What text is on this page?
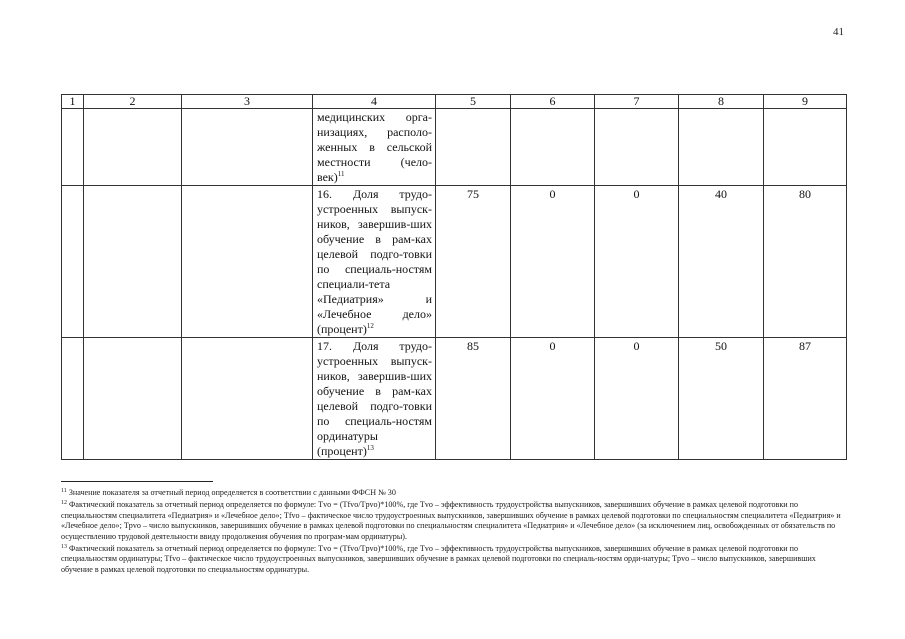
41
1	2	3	4	5	6	7	8	9
			медицинских орга-низациях, располо-женных в сельской местности (чело-век)$^{11}$					
			16. Доля трудо-устроенных выпуск-ников, завершив-ших обучение в рам-ках целевой подго-товки по специаль-ностям специали-тета «Педиатрия» и «Лечебное дело» (процент)$^{12}$	75	0	0	40	80
			17. Доля трудо-устроенных выпуск-ников, завершив-ших обучение в рам-ках целевой подго-товки по специаль-ностям ординатуры (процент)$^{13}$	85	0	0	50	87

$^{11}$ Значение показателя за отчетный период определяется в соответствии с данными ФФСН № 30

$^{12}$ Фактический показатель за отчетный период определяется по формуле: Tvo = (Tfvo/Tpvo)*100%, где Tvo – эффективность трудоустройства выпускников, завершивших обучение в рамках целевой подготовки по специальностям специалитета «Педиатрия» и «Лечебное дело»; Tfvo – фактическое число трудоустроенных выпускников, завершивших обучение в рамках целевой подготовки по специальностям специалитета «Педиатрия» и «Лечебное дело»; Tpvo – число выпускников, завершивших обучение в рамках целевой подготовки по специальностям специалитета «Педиатрия» и «Лечебное дело» (за исключением лиц, освобожденных от обязательств по осуществлению трудовой деятельности ввиду продолжения обучения по програм-мам ординатуры).

$^{13}$ Фактический показатель за отчетный период определяется по формуле: Tvo = (Tfvo/Tpvo)*100%, где Tvo – эффективность трудоустройства выпускников, завершивших обучение в рамках целевой подготовки по специальностям ординатуры; Tfvo – фактическое число трудоустроенных выпускников, завершивших обучение в рамках целевой подготовки по специаль-ностям орди-натуры; Tpvo – число выпускников, завершивших обучение в рамках целевой подготовки по специальностям ординатуры.
